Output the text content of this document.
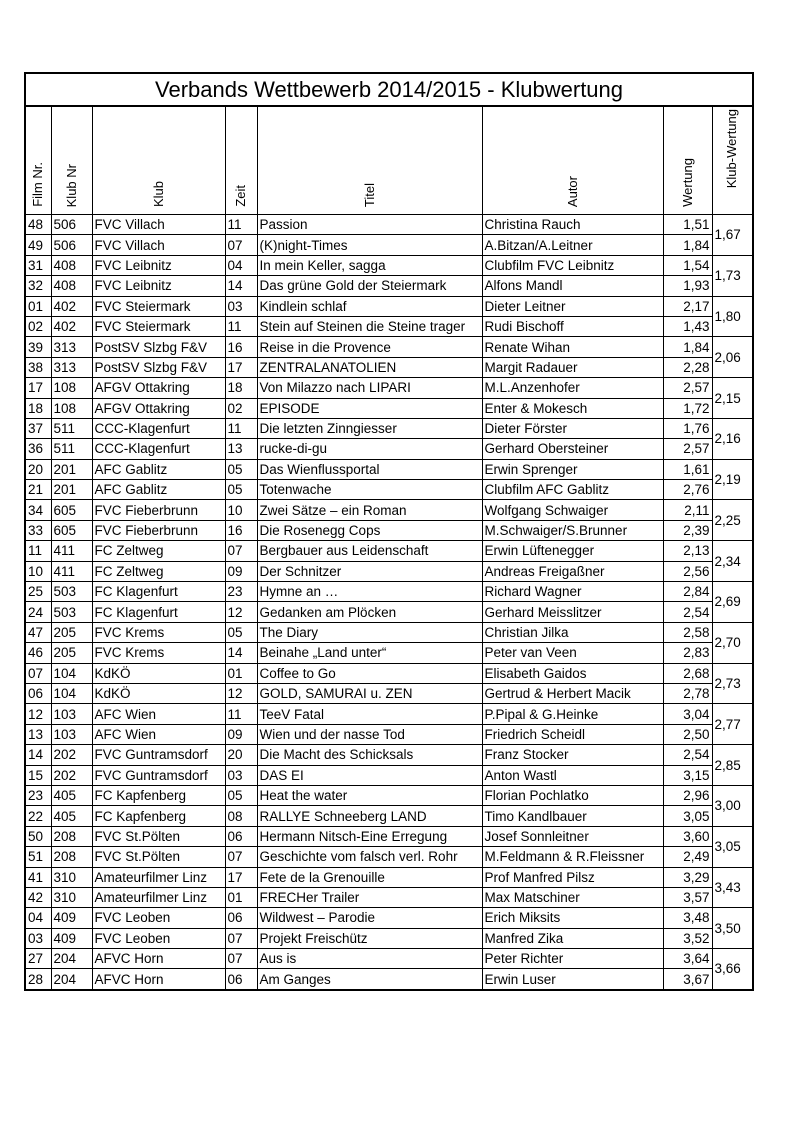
Verbands Wettbewerb 2014/2015 - Klubwertung							
Film Nr.	Klub Nr	Klub	Zeit	Titel	Autor	Wertung	Klub-Wertung
48	506	FVC Villach	11	Passion	Christina Rauch	1,51	1,67
49	506	FVC Villach	07	(K)night-Times	A.Bitzan/A.Leitner	1,84	
31	408	FVC Leibnitz	04	In mein Keller, sagga	Clubfilm FVC Leibnitz	1,54	1,73
32	408	FVC Leibnitz	14	Das grüne Gold der Steiermark	Alfons Mandl	1,93	
01	402	FVC Steiermark	03	Kindlein schlaf	Dieter Leitner	2,17	1,80
02	402	FVC Steiermark	11	Stein auf Steinen die Steine trager	Rudi Bischoff	1,43	
39	313	PostSV Slzbg F&V	16	Reise in die Provence	Renate Wihan	1,84	2,06
38	313	PostSV Slzbg F&V	17	ZENTRALANATOLIEN	Margit Radauer	2,28	
17	108	AFGV Ottakring	18	Von Milazzo nach LIPARI	M.L.Anzenhofer	2,57	2,15
18	108	AFGV Ottakring	02	EPISODE	Enter & Mokesch	1,72	
37	511	CCC-Klagenfurt	11	Die letzten Zinngiesser	Dieter Förster	1,76	2,16
36	511	CCC-Klagenfurt	13	rucke-di-gu	Gerhard Obersteiner	2,57	
20	201	AFC Gablitz	05	Das Wienflussportal	Erwin Sprenger	1,61	2,19
21	201	AFC Gablitz	05	Totenwache	Clubfilm AFC Gablitz	2,76	
34	605	FVC Fieberbrunn	10	Zwei Sätze – ein Roman	Wolfgang Schwaiger	2,11	2,25
33	605	FVC Fieberbrunn	16	Die Rosenegg Cops	M.Schwaiger/S.Brunner	2,39	
11	411	FC Zeltweg	07	Bergbauer aus Leidenschaft	Erwin Lüftenegger	2,13	2,34
10	411	FC Zeltweg	09	Der Schnitzer	Andreas Freigaßner	2,56	
25	503	FC Klagenfurt	23	Hymne an …	Richard Wagner	2,84	2,69
24	503	FC Klagenfurt	12	Gedanken am Plöcken	Gerhard Meisslitzer	2,54	
47	205	FVC Krems	05	The Diary	Christian Jilka	2,58	2,70
46	205	FVC Krems	14	Beinahe „Land unter“	Peter van Veen	2,83	
07	104	KdKÖ	01	Coffee to Go	Elisabeth Gaidos	2,68	2,73
06	104	KdKÖ	12	GOLD, SAMURAI u. ZEN	Gertrud & Herbert Macik	2,78	
12	103	AFC Wien	11	TeeV Fatal	P.Pipal & G.Heinke	3,04	2,77
13	103	AFC Wien	09	Wien und der nasse Tod	Friedrich Scheidl	2,50	
14	202	FVC Guntramsdorf	20	Die Macht des Schicksals	Franz Stocker	2,54	2,85
15	202	FVC Guntramsdorf	03	DAS EI	Anton Wastl	3,15	
23	405	FC Kapfenberg	05	Heat the water	Florian Pochlatko	2,96	3,00
22	405	FC Kapfenberg	08	RALLYE Schneeberg LAND	Timo Kandlbauer	3,05	
50	208	FVC St.Pölten	06	Hermann Nitsch-Eine Erregung	Josef Sonnleitner	3,60	3,05
51	208	FVC St.Pölten	07	Geschichte vom falsch verl. Rohr	M.Feldmann & R.Fleissner	2,49	
41	310	Amateurfilmer Linz	17	Fete de la Grenouille	Prof Manfred Pilsz	3,29	3,43
42	310	Amateurfilmer Linz	01	FRECHer Trailer	Max Matschiner	3,57	
04	409	FVC Leoben	06	Wildwest – Parodie	Erich Miksits	3,48	3,50
03	409	FVC Leoben	07	Projekt Freischütz	Manfred Zika	3,52	
27	204	AFVC Horn	07	Aus is	Peter Richter	3,64	3,66
28	204	AFVC Horn	06	Am Ganges	Erwin Luser	3,67	
